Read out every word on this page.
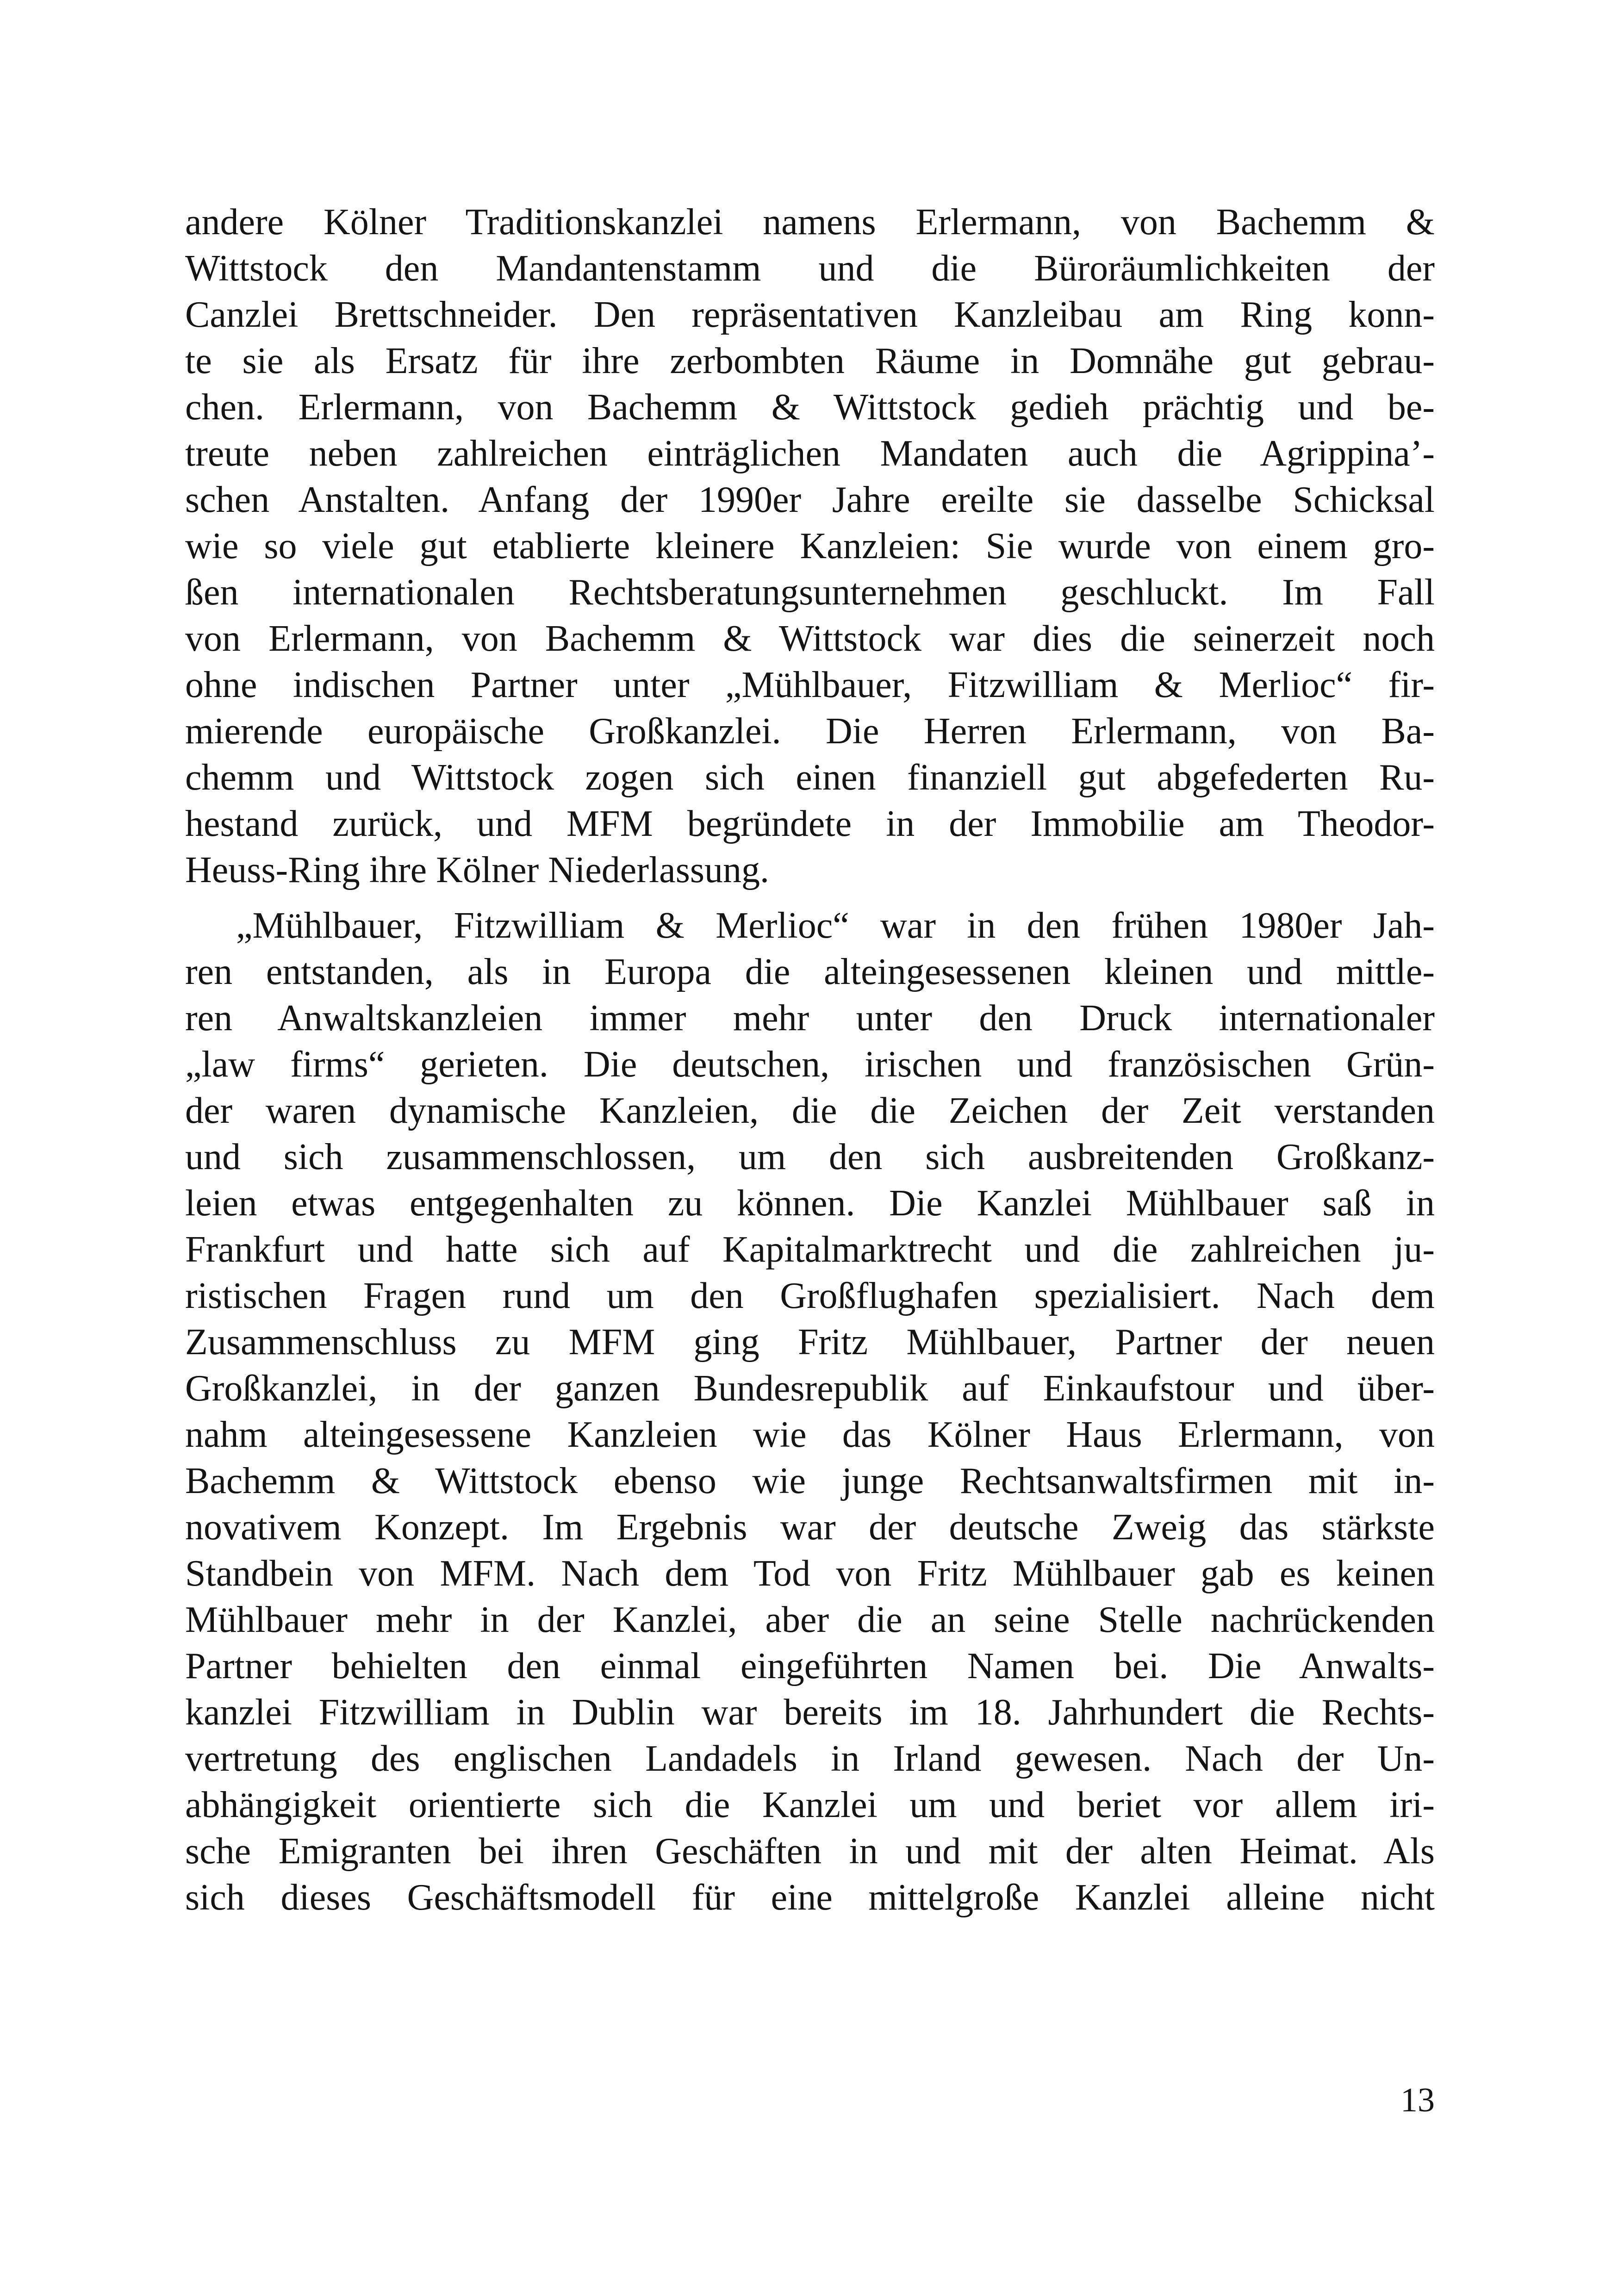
andere Kölner Traditionskanzlei namens Erlermann, von Bachemm &
Wittstock den Mandantenstamm und die Büroräumlichkeiten der
Canzlei Brettschneider. Den repräsentativen Kanzleibau am Ring konn-
te sie als Ersatz für ihre zerbombten Räume in Domnähe gut gebrau-
chen. Erlermann, von Bachemm & Wittstock gedieh prächtig und be-
treute neben zahlreichen einträglichen Mandaten auch die Agrippina’-
schen Anstalten. Anfang der 1990er Jahre ereilte sie dasselbe Schicksal
wie so viele gut etablierte kleinere Kanzleien: Sie wurde von einem gro-
ßen internationalen Rechtsberatungsunternehmen geschluckt. Im Fall
von Erlermann, von Bachemm & Wittstock war dies die seinerzeit noch
ohne indischen Partner unter „Mühlbauer, Fitzwilliam & Merlioc“ fir-
mierende europäische Großkanzlei. Die Herren Erlermann, von Ba-
chemm und Wittstock zogen sich einen finanziell gut abgefederten Ru-
hestand zurück, und MFM begründete in der Immobilie am Theodor-
Heuss-Ring ihre Kölner Niederlassung.
„Mühlbauer, Fitzwilliam & Merlioc“ war in den frühen 1980er Jah-
ren entstanden, als in Europa die alteingesessenen kleinen und mittle-
ren Anwaltskanzleien immer mehr unter den Druck internationaler
„law firms“ gerieten. Die deutschen, irischen und französischen Grün-
der waren dynamische Kanzleien, die die Zeichen der Zeit verstanden
und sich zusammenschlossen, um den sich ausbreitenden Großkanz-
leien etwas entgegenhalten zu können. Die Kanzlei Mühlbauer saß in
Frankfurt und hatte sich auf Kapitalmarktrecht und die zahlreichen ju-
ristischen Fragen rund um den Großflughafen spezialisiert. Nach dem
Zusammenschluss zu MFM ging Fritz Mühlbauer, Partner der neuen
Großkanzlei, in der ganzen Bundesrepublik auf Einkaufstour und über-
nahm alteingesessene Kanzleien wie das Kölner Haus Erlermann, von
Bachemm & Wittstock ebenso wie junge Rechtsanwaltsfirmen mit in-
novativem Konzept. Im Ergebnis war der deutsche Zweig das stärkste
Standbein von MFM. Nach dem Tod von Fritz Mühlbauer gab es keinen
Mühlbauer mehr in der Kanzlei, aber die an seine Stelle nachrückenden
Partner behielten den einmal eingeführten Namen bei. Die Anwalts-
kanzlei Fitzwilliam in Dublin war bereits im 18. Jahrhundert die Rechts-
vertretung des englischen Landadels in Irland gewesen. Nach der Un-
abhängigkeit orientierte sich die Kanzlei um und beriet vor allem iri-
sche Emigranten bei ihren Geschäften in und mit der alten Heimat. Als
sich dieses Geschäftsmodell für eine mittelgroße Kanzlei alleine nicht
13
